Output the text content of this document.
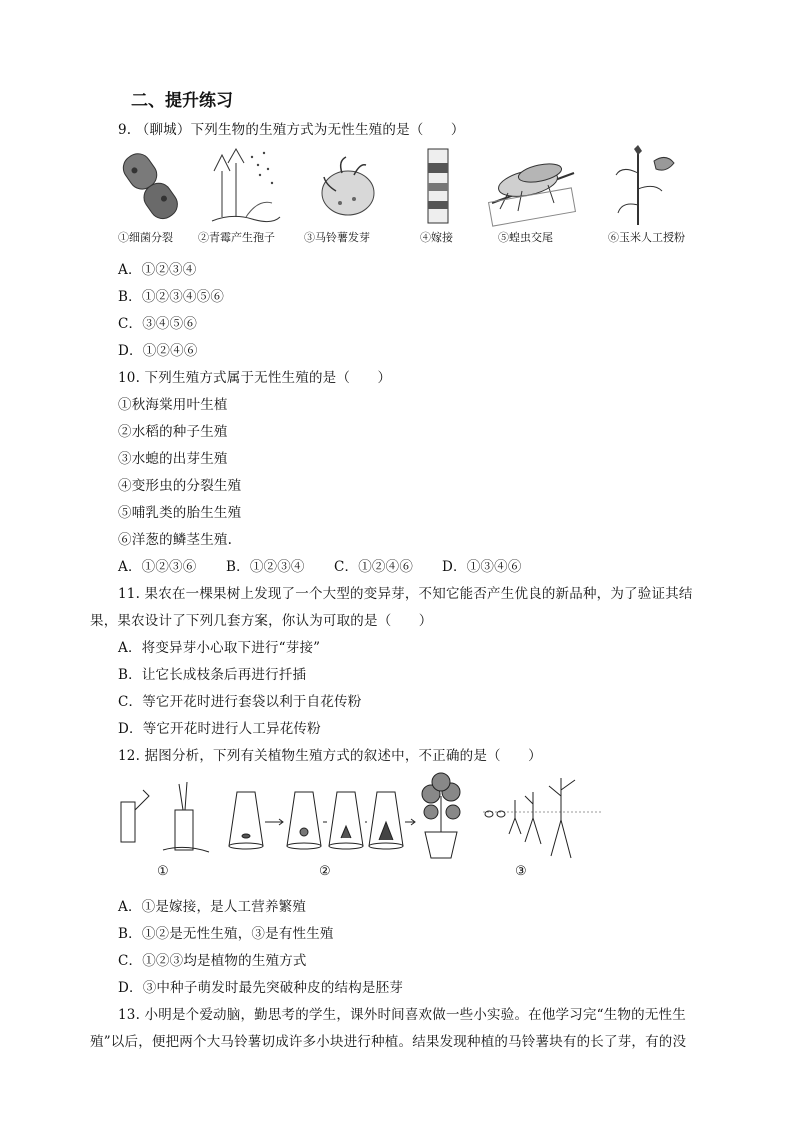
二、提升练习
9. （聊城）下列生物的生殖方式为无性生殖的是（　　）
①细菌分裂 ②青霉产生孢子	③马铃薯发芽	④嫁接	⑤蝗虫交尾	⑥玉米人工授粉
A．①②③④
B．①②③④⑤⑥
C．③④⑤⑥
D．①②④⑥
10. 下列生殖方式属于无性生殖的是（　　）
①秋海棠用叶生植
②水稻的种子生殖
③水螅的出芽生殖
④变形虫的分裂生殖
⑤哺乳类的胎生生殖
⑥洋葱的鳞茎生殖.
A．①②③⑥ B．①②③④ C．①②④⑥ D．①③④⑥
11. 果农在一棵果树上发现了一个大型的变异芽，不知它能否产生优良的新品种，为了验证其结
果，果农设计了下列几套方案，你认为可取的是（　　）
A．将变异芽小心取下进行“芽接”
B．让它长成枝条后再进行扦插
C．等它开花时进行套袋以利于自花传粉
D．等它开花时进行人工异花传粉
12. 据图分析，下列有关植物生殖方式的叙述中，不正确的是（　　）
①	②	③
A．①是嫁接，是人工营养繁殖
B．①②是无性生殖，③是有性生殖
C．①②③均是植物的生殖方式
D．③中种子萌发时最先突破种皮的结构是胚芽
13. 小明是个爱动脑，勤思考的学生，课外时间喜欢做一些小实验。在他学习完“生物的无性生
殖”以后，便把两个大马铃薯切成许多小块进行种植。结果发现种植的马铃薯块有的长了芽，有的没
